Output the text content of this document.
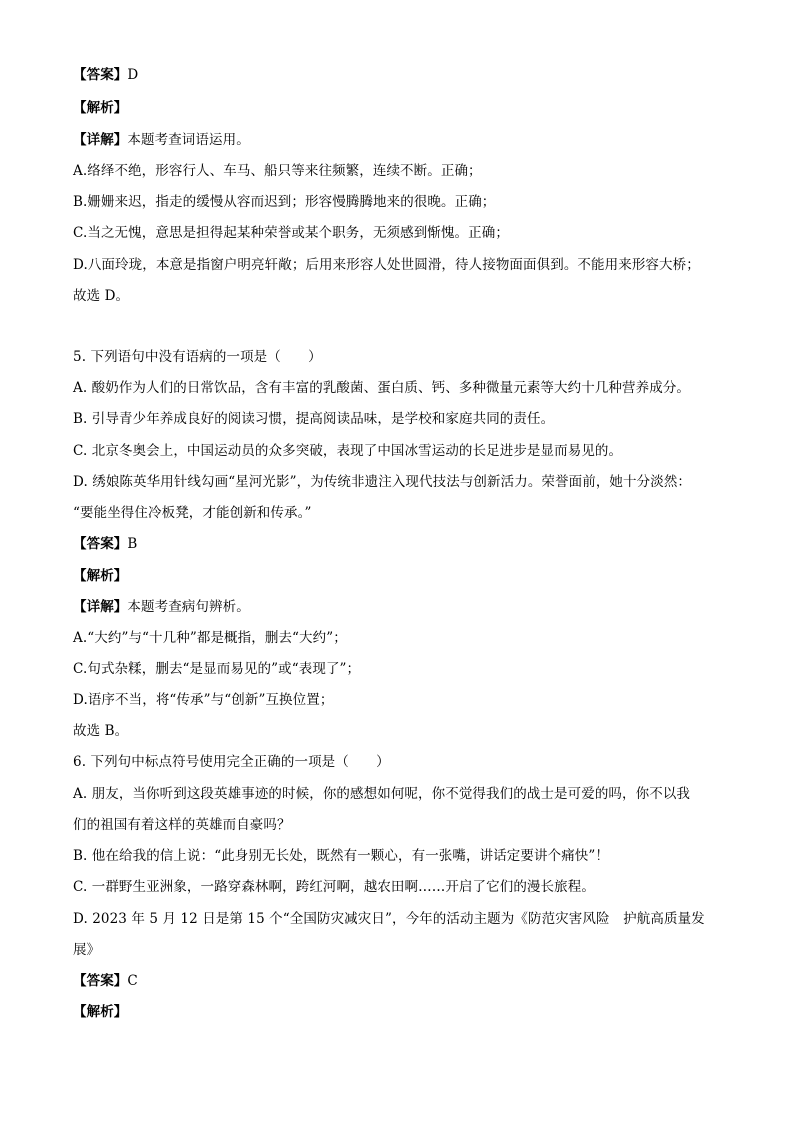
【答案】D
【解析】
【详解】本题考查词语运用。
A.络绎不绝，形容行人、车马、船只等来往频繁，连续不断。正确；
B.姗姗来迟，指走的缓慢从容而迟到；形容慢腾腾地来的很晚。正确；
C.当之无愧，意思是担得起某种荣誉或某个职务，无须感到惭愧。正确；
D.八面玲珑，本意是指窗户明亮轩敞；后用来形容人处世圆滑，待人接物面面俱到。不能用来形容大桥；
故选 D。
5. 下列语句中没有语病的一项是（　　）
A. 酸奶作为人们的日常饮品，含有丰富的乳酸菌、蛋白质、钙、多种微量元素等大约十几种营养成分。
B. 引导青少年养成良好的阅读习惯，提高阅读品味，是学校和家庭共同的责任。
C. 北京冬奥会上，中国运动员的众多突破，表现了中国冰雪运动的长足进步是显而易见的。
D. 绣娘陈英华用针线勾画“星河光影”，为传统非遗注入现代技法与创新活力。荣誉面前，她十分淡然：
“要能坐得住冷板凳，才能创新和传承。”
【答案】B
【解析】
【详解】本题考查病句辨析。
A.“大约”与“十几种”都是概指，删去“大约”；
C.句式杂糅，删去“是显而易见的”或“表现了”；
D.语序不当，将“传承”与“创新”互换位置；
故选 B。
6. 下列句中标点符号使用完全正确的一项是（　　）
A. 朋友，当你听到这段英雄事迹的时候，你的感想如何呢，你不觉得我们的战士是可爱的吗，你不以我
们的祖国有着这样的英雄而自豪吗？
B. 他在给我的信上说：“此身别无长处，既然有一颗心，有一张嘴，讲话定要讲个痛快”！
C. 一群野生亚洲象，一路穿森林啊，跨红河啊，越农田啊……开启了它们的漫长旅程。
D. 2023 年 5 月 12 日是第 15 个“全国防灾减灾日”，今年的活动主题为《防范灾害风险　护航高质量发
展》
【答案】C
【解析】
